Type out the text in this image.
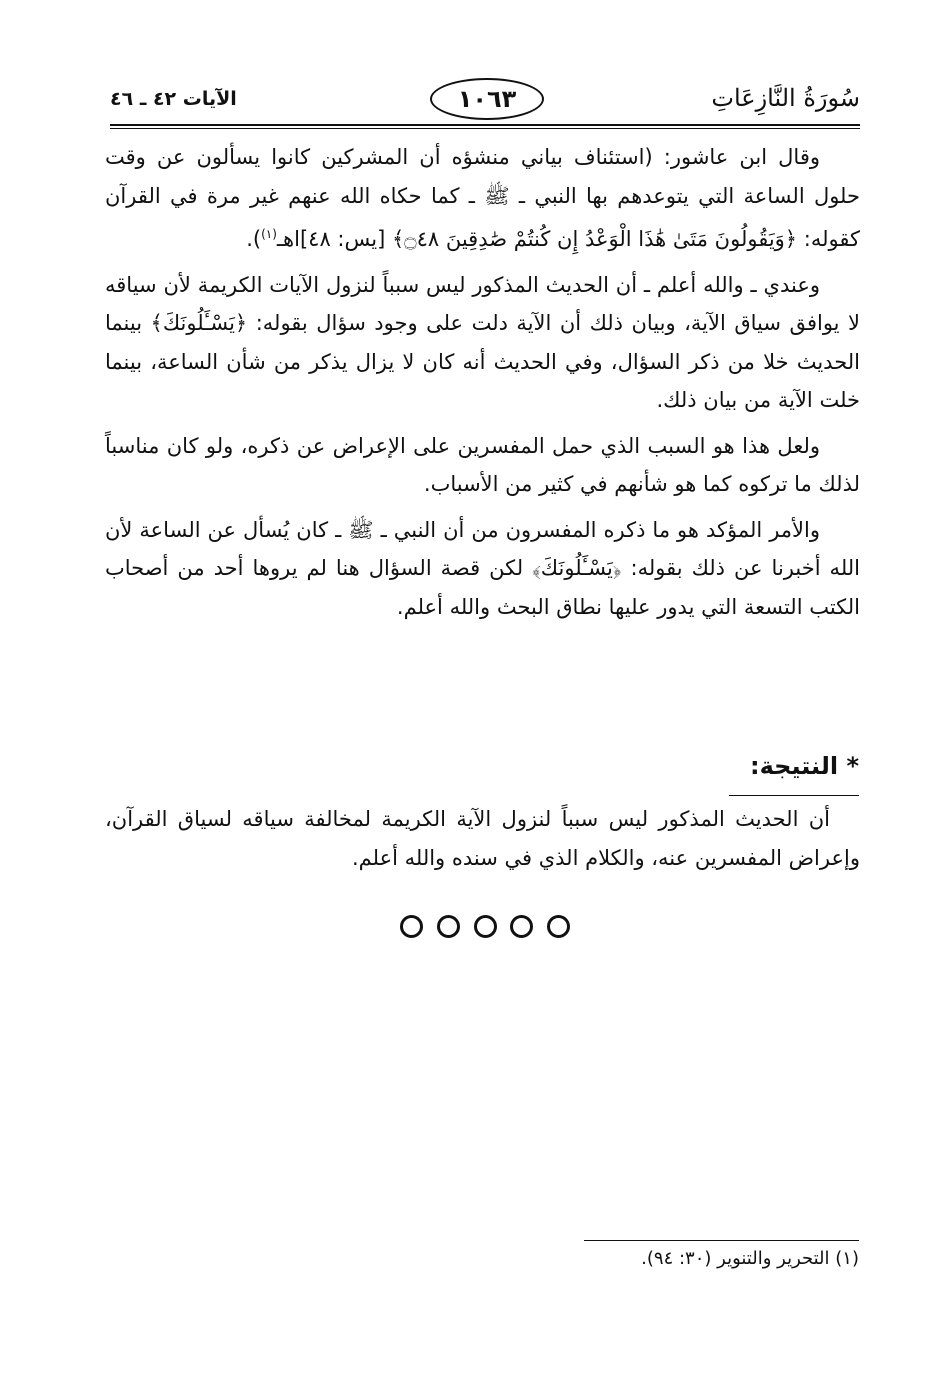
سُورَةُ النَّازِعَاتِ
١٠٦٣
الآيات ٤٢ ـ ٤٦

وقال ابن عاشور: (استئناف بياني منشؤه أن المشركين كانوا يسألون عن وقت حلول الساعة التي يتوعدهم بها النبي ـ ﷺ ـ كما حكاه الله عنهم غير مرة في القرآن كقوله: ﴿وَيَقُولُونَ مَتَىٰ هَٰذَا الْوَعْدُ إِن كُنتُمْ صَٰدِقِينَ ۝٤٨﴾ [يس: ٤٨]اهـ$^{(١)}$).

وعندي ـ والله أعلم ـ أن الحديث المذكور ليس سبباً لنزول الآيات الكريمة لأن سياقه لا يوافق سياق الآية، وبيان ذلك أن الآية دلت على وجود سؤال بقوله: ﴿يَسْـَٔلُونَكَ﴾ بينما الحديث خلا من ذكر السؤال، وفي الحديث أنه كان لا يزال يذكر من شأن الساعة، بينما خلت الآية من بيان ذلك.

ولعل هذا هو السبب الذي حمل المفسرين على الإعراض عن ذكره، ولو كان مناسباً لذلك ما تركوه كما هو شأنهم في كثير من الأسباب.

والأمر المؤكد هو ما ذكره المفسرون من أن النبي ـ ﷺ ـ كان يُسأل عن الساعة لأن الله أخبرنا عن ذلك بقوله: ﴿يَسْـَٔلُونَكَ﴾ لكن قصة السؤال هنا لم يروها أحد من أصحاب الكتب التسعة التي يدور عليها نطاق البحث والله أعلم.

* النتيجة:

أن الحديث المذكور ليس سبباً لنزول الآية الكريمة لمخالفة سياقه لسياق القرآن، وإعراض المفسرين عنه، والكلام الذي في سنده والله أعلم.

(١) التحرير والتنوير (٣٠: ٩٤).
